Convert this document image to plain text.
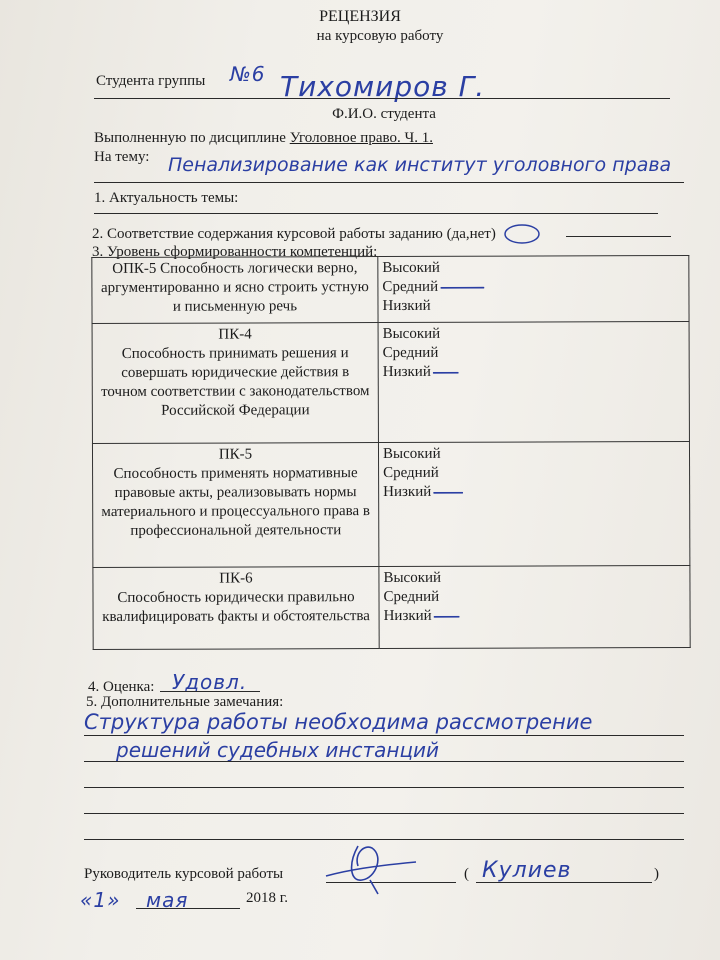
РЕЦЕНЗИЯ
на курсовую работу
Студента группы №6 Тихомиров Г.
Ф.И.О. студента
Выполненную по дисциплине Уголовное право. Ч. 1.
На тему: Пенализирование как институт уголовного права
1. Актуальность темы:
2. Соответствие содержания курсовой работы заданию (да,нет)
3. Уровень сформированности компетенций:
ОПК-5 Способность логически верно, аргументированно и ясно строить устную и письменную речь	Высокий
Средний
Низкий

ПК-4
Способность принимать решения и совершать юридические действия в точном соответствии с законодательством Российской Федерации	Высокий
Средний
Низкий

ПК-5
Способность применять нормативные правовые акты, реализовывать нормы материального и процессуального права в профессиональной деятельности	Высокий
Средний
Низкий

ПК-6
Способность юридически правильно квалифицировать факты и обстоятельства	Высокий
Средний
Низкий
4. Оценка: Удовл.
5. Дополнительные замечания:
Структура работы необходима рассмотрение
решений судебных инстанций
Руководитель курсовой работы	( Кулиев	)
«1» мая	2018 г.
